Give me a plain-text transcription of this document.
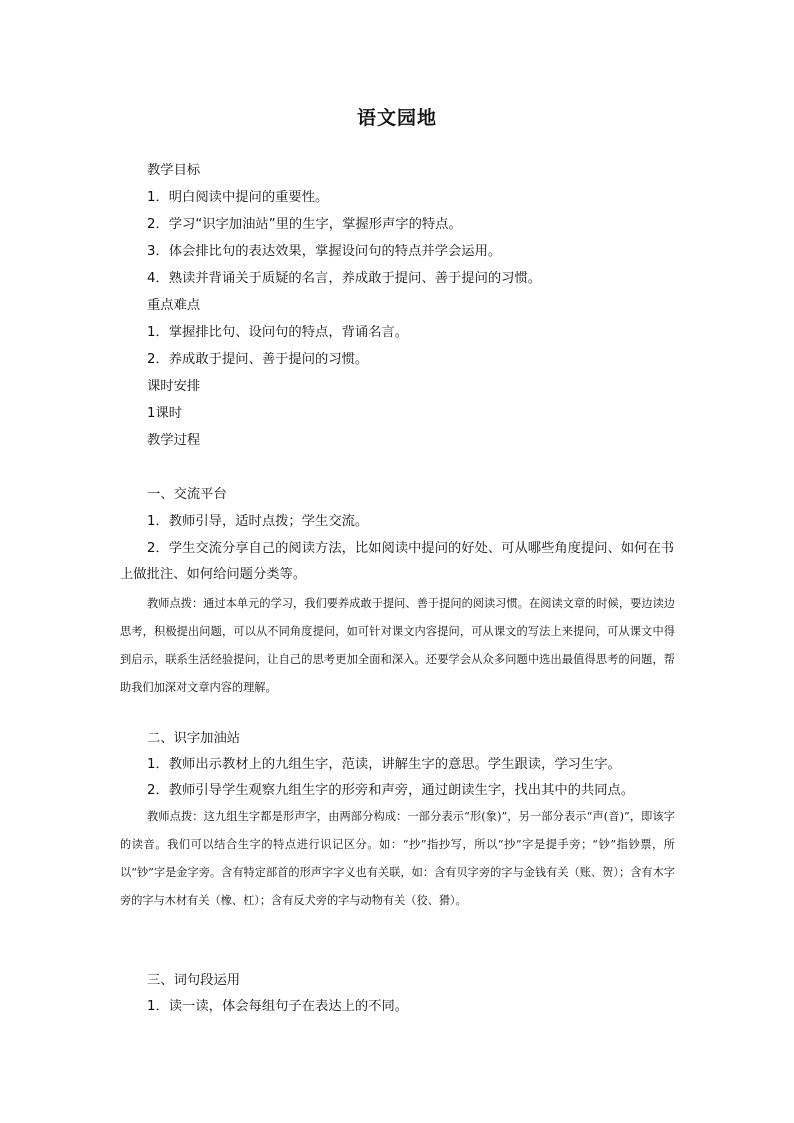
语文园地
教学目标
1．明白阅读中提问的重要性。
2．学习“识字加油站”里的生字，掌握形声字的特点。
3．体会排比句的表达效果，掌握设问句的特点并学会运用。
4．熟读并背诵关于质疑的名言，养成敢于提问、善于提问的习惯。
重点难点
1．掌握排比句、设问句的特点，背诵名言。
2．养成敢于提问、善于提问的习惯。
课时安排
1课时
教学过程
一、交流平台
1．教师引导，适时点拨；学生交流。
2．学生交流分享自己的阅读方法，比如阅读中提问的好处、可从哪些角度提问、如何在书上做批注、如何给问题分类等。
教师点拨：通过本单元的学习，我们要养成敢于提问、善于提问的阅读习惯。在阅读文章的时候，要边读边思考，积极提出问题，可以从不同角度提问，如可针对课文内容提问，可从课文的写法上来提问，可从课文中得到启示，联系生活经验提问，让自己的思考更加全面和深入。还要学会从众多问题中选出最值得思考的问题，帮助我们加深对文章内容的理解。
二、识字加油站
1．教师出示教材上的九组生字，范读，讲解生字的意思。学生跟读，学习生字。
2．教师引导学生观察九组生字的形旁和声旁，通过朗读生字，找出其中的共同点。
教师点拨：这九组生字都是形声字，由两部分构成：一部分表示“形(象)”，另一部分表示“声(音)”，即该字的读音。我们可以结合生字的特点进行识记区分。如：“抄”指抄写，所以“抄”字是提手旁；“钞”指钞票，所以“钞”字是金字旁。含有特定部首的形声字字义也有关联，如：含有贝字旁的字与金钱有关（账、贺）；含有木字旁的字与木材有关（橡、杠）；含有反犬旁的字与动物有关（狡、猾）。
三、词句段运用
1．读一读，体会每组句子在表达上的不同。
